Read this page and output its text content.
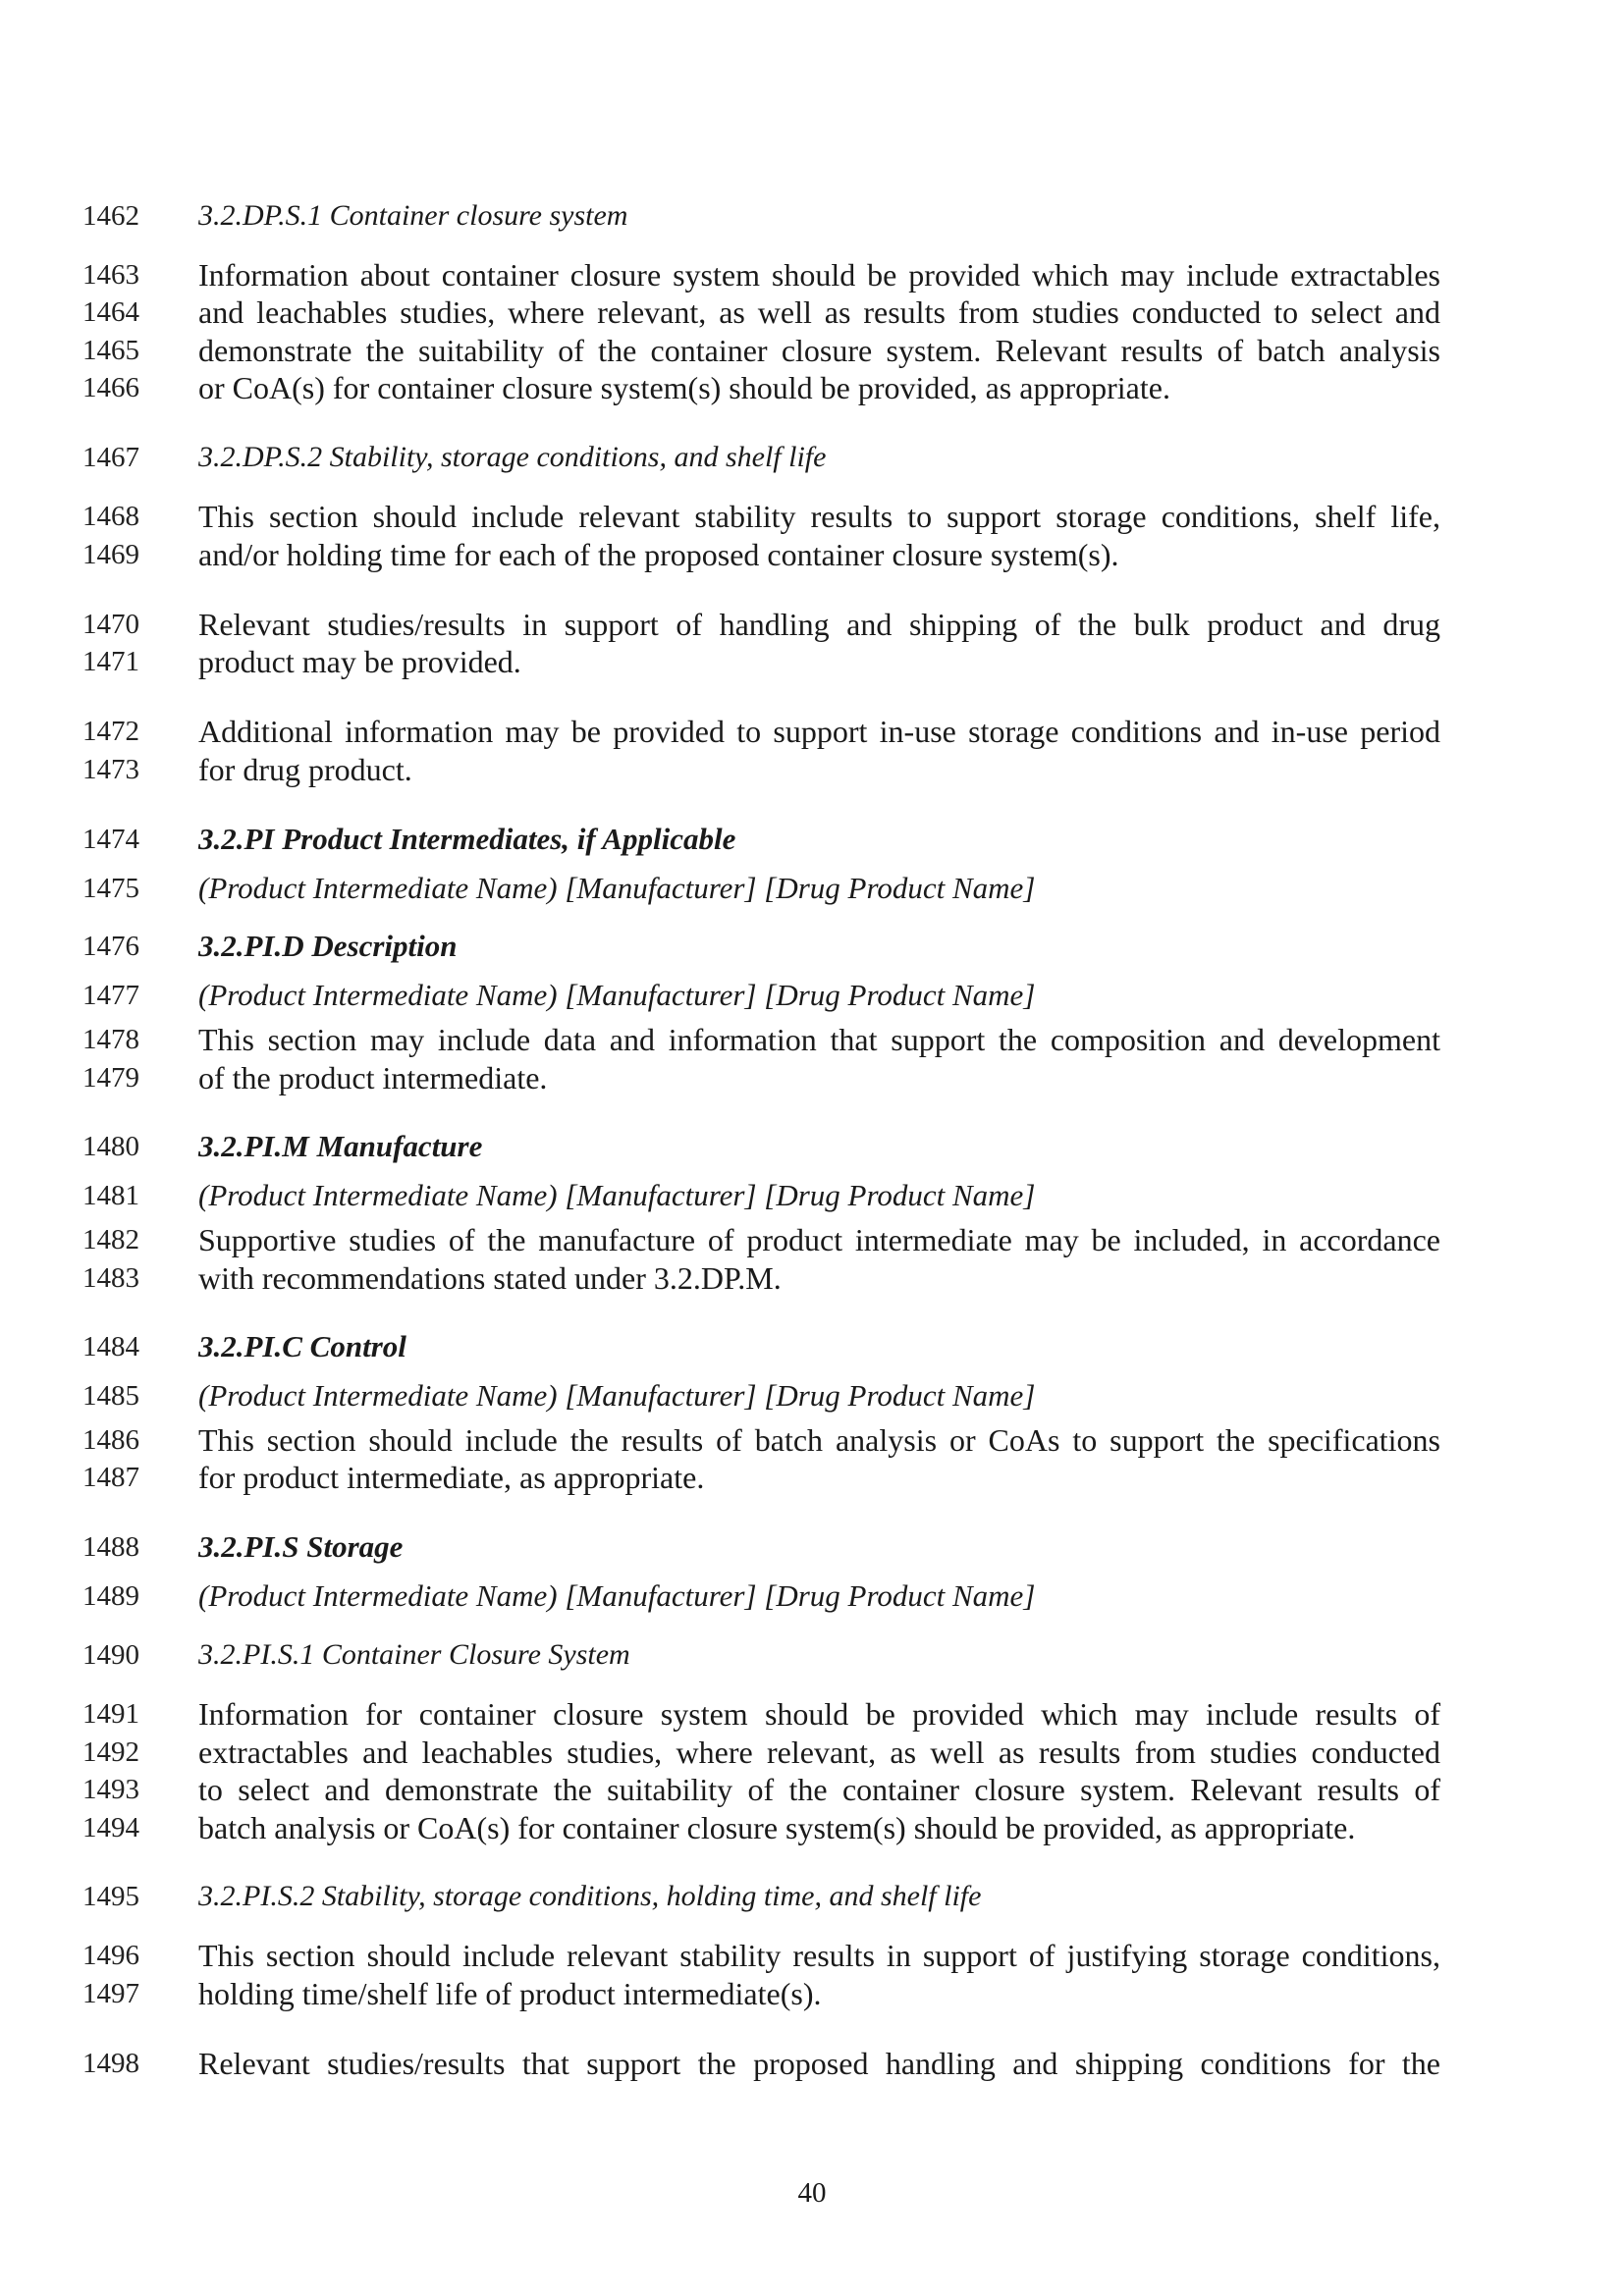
1462	3.2.DP.S.1 Container closure system
1463	Information about container closure system should be provided which may include extractables
1464	and leachables studies, where relevant, as well as results from studies conducted to select and
1465	demonstrate the suitability of the container closure system. Relevant results of batch analysis
1466	or CoA(s) for container closure system(s) should be provided, as appropriate.
1467	3.2.DP.S.2 Stability, storage conditions, and shelf life
1468	This section should include relevant stability results to support storage conditions, shelf life,
1469	and/or holding time for each of the proposed container closure system(s).
1470	Relevant studies/results in support of handling and shipping of the bulk product and drug
1471	product may be provided.
1472	Additional information may be provided to support in-use storage conditions and in-use period
1473	for drug product.
1474	3.2.PI Product Intermediates, if Applicable
1475	(Product Intermediate Name) [Manufacturer] [Drug Product Name]
1476	3.2.PI.D Description
1477	(Product Intermediate Name) [Manufacturer] [Drug Product Name]
1478	This section may include data and information that support the composition and development
1479	of the product intermediate.
1480	3.2.PI.M Manufacture
1481	(Product Intermediate Name) [Manufacturer] [Drug Product Name]
1482	Supportive studies of the manufacture of product intermediate may be included, in accordance
1483	with recommendations stated under 3.2.DP.M.
1484	3.2.PI.C Control
1485	(Product Intermediate Name) [Manufacturer] [Drug Product Name]
1486	This section should include the results of batch analysis or CoAs to support the specifications
1487	for product intermediate, as appropriate.
1488	3.2.PI.S Storage
1489	(Product Intermediate Name) [Manufacturer] [Drug Product Name]
1490	3.2.PI.S.1 Container Closure System
1491	Information for container closure system should be provided which may include results of
1492	extractables and leachables studies, where relevant, as well as results from studies conducted
1493	to select and demonstrate the suitability of the container closure system. Relevant results of
1494	batch analysis or CoA(s) for container closure system(s) should be provided, as appropriate.
1495	3.2.PI.S.2 Stability, storage conditions, holding time, and shelf life
1496	This section should include relevant stability results in support of justifying storage conditions,
1497	holding time/shelf life of product intermediate(s).
1498	Relevant studies/results that support the proposed handling and shipping conditions for the
40
